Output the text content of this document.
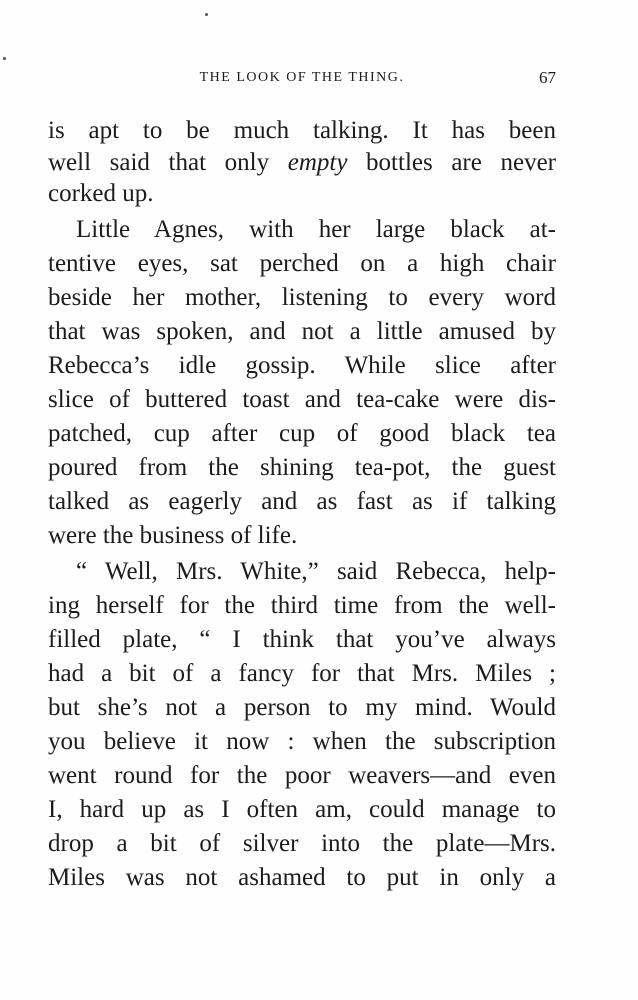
THE LOOK OF THE THING.	67
is apt to be much talking. It has been
well said that only empty bottles are never
corked up.
Little Agnes, with her large black at-
tentive eyes, sat perched on a high chair
beside her mother, listening to every word
that was spoken, and not a little amused by
Rebecca’s idle gossip. While slice after
slice of buttered toast and tea-cake were dis-
patched, cup after cup of good black tea
poured from the shining tea-pot, the guest
talked as eagerly and as fast as if talking
were the business of life.
“ Well, Mrs. White,” said Rebecca, help-
ing herself for the third time from the well-
filled plate, “ I think that you’ve always
had a bit of a fancy for that Mrs. Miles ;
but she’s not a person to my mind. Would
you believe it now : when the subscription
went round for the poor weavers—and even
I, hard up as I often am, could manage to
drop a bit of silver into the plate—Mrs.
Miles was not ashamed to put in only a
